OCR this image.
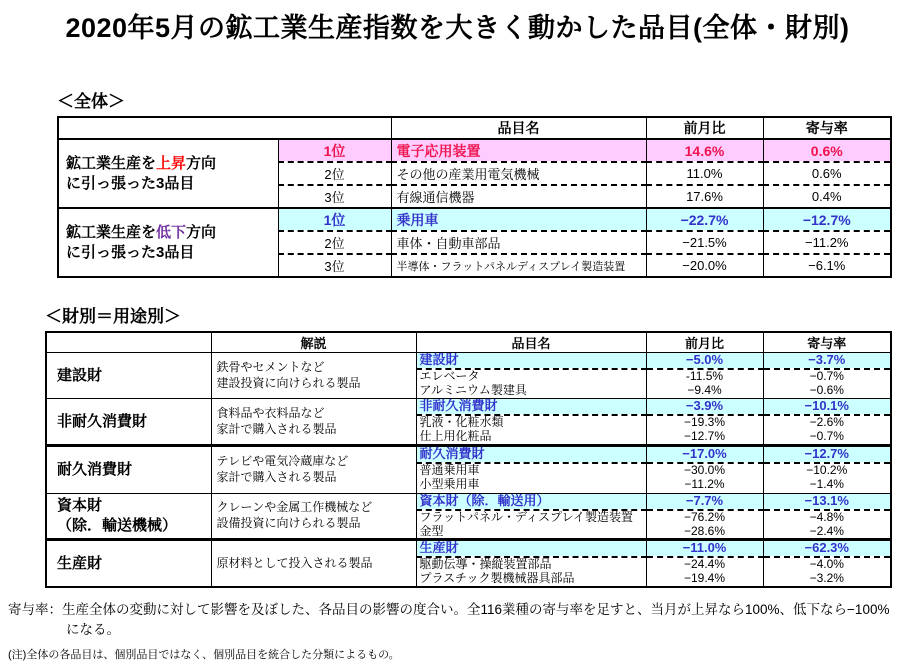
2020年5月の鉱工業生産指数を大きく動かした品目(全体・財別)
＜全体＞
		品目名	前月比	寄与率

鉱工業生産を上昇方向
に引っ張った3品目	1位	電子応用装置	14.6%	0.6%
	2位	その他の産業用電気機械	11.0%	0.6%
	3位	有線通信機器	17.6%	0.4%

鉱工業生産を低下方向
に引っ張った3品目	1位	乗用車	−22.7%	−12.7%
	2位	車体・自動車部品	−21.5%	−11.2%
	3位	半導体・フラットパネルディスプレイ製造装置	−20.0%	−6.1%
＜財別＝用途別＞
	解説	品目名	前月比	寄与率

建設財	鉄骨やセメントなど
建設投資に向けられる製品	建設財	−5.0%	−3.7%
		エレベータ	-11.5%	−0.7%
		アルミニウム製建具	−9.4%	−0.6%

非耐久消費財	食料品や衣料品など
家計で購入される製品	非耐久消費財	−3.9%	−10.1%
		乳液・化粧水類	−19.3%	−2.6%
		仕上用化粧品	−12.7%	−0.7%

耐久消費財	テレビや電気冷蔵庫など
家計で購入される製品	耐久消費財	−17.0%	−12.7%
		普通乗用車	−30.0%	−10.2%
		小型乗用車	−11.2%	−1.4%

資本財
（除．輸送機械）

クレーンや金属工作機械など
設備投資に向けられる製品
	資本財（除．輸送用）	−7.7%	−13.1%
		フラットパネル・ディスプレイ製造装置	−76.2%	−4.8%
		金型	−28.6%	−2.4%

生産財	原材料として投入される製品	生産財	−11.0%	−62.3%
		駆動伝導・操縦装置部品	−24.4%	−4.0%
		プラスチック製機械器具部品	−19.4%	−3.2%
寄与率：生産全体の変動に対して影響を及ぼした、各品目の影響の度合い。全116業種の寄与率を足すと、当月が上昇なら100%、低下なら−100%
になる。
(注)全体の各品目は、個別品目ではなく、個別品目を統合した分類によるもの。
